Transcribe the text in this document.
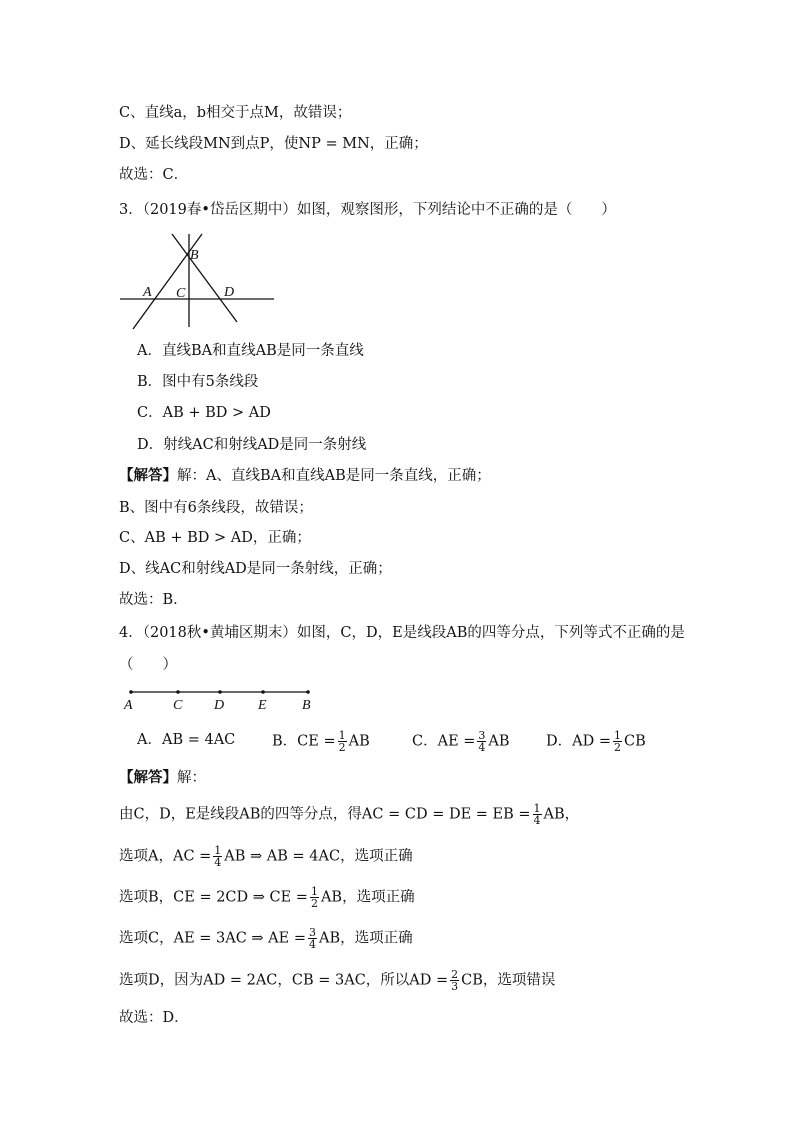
C、直线a，b相交于点M，故错误；
D、延长线段MN到点P，使NP = MN，正确；
故选：C．
3．（2019春•岱岳区期中）如图，观察图形，下列结论中不正确的是（　　）
B
A C	D
A．直线BA和直线AB是同一条直线
B．图中有5条线段
C．AB + BD > AD
D．射线AC和射线AD是同一条射线
【解答】解：A、直线BA和直线AB是同一条直线，正确；
B、图中有6条线段，故错误；
C、AB + BD > AD，正确；
D、线AC和射线AD是同一条射线，正确；
故选：B．
4．（2018秋•黄埔区期末）如图，C，D，E是线段AB的四等分点，下列等式不正确的是
（　　）
A	C D E	B
A．AB = 4AC	B．CE = $\frac{1}{2}$ AB	C．AE = $\frac{3}{4}$ AB	D．AD = $\frac{1}{2}$ CB
【解答】解：
由C，D，E是线段AB的四等分点，得AC = CD = DE = EB = $\frac{1}{4}$ AB，
选项A，AC = $\frac{1}{4}$ AB ⇒ AB = 4AC，选项正确
选项B，CE = 2CD ⇒ CE = $\frac{1}{2}$ AB，选项正确
选项C，AE = 3AC ⇒ AE = $\frac{3}{4}$ AB，选项正确
选项D，因为AD = 2AC，CB = 3AC，所以AD = $\frac{2}{3}$ CB，选项错误
故选：D．
